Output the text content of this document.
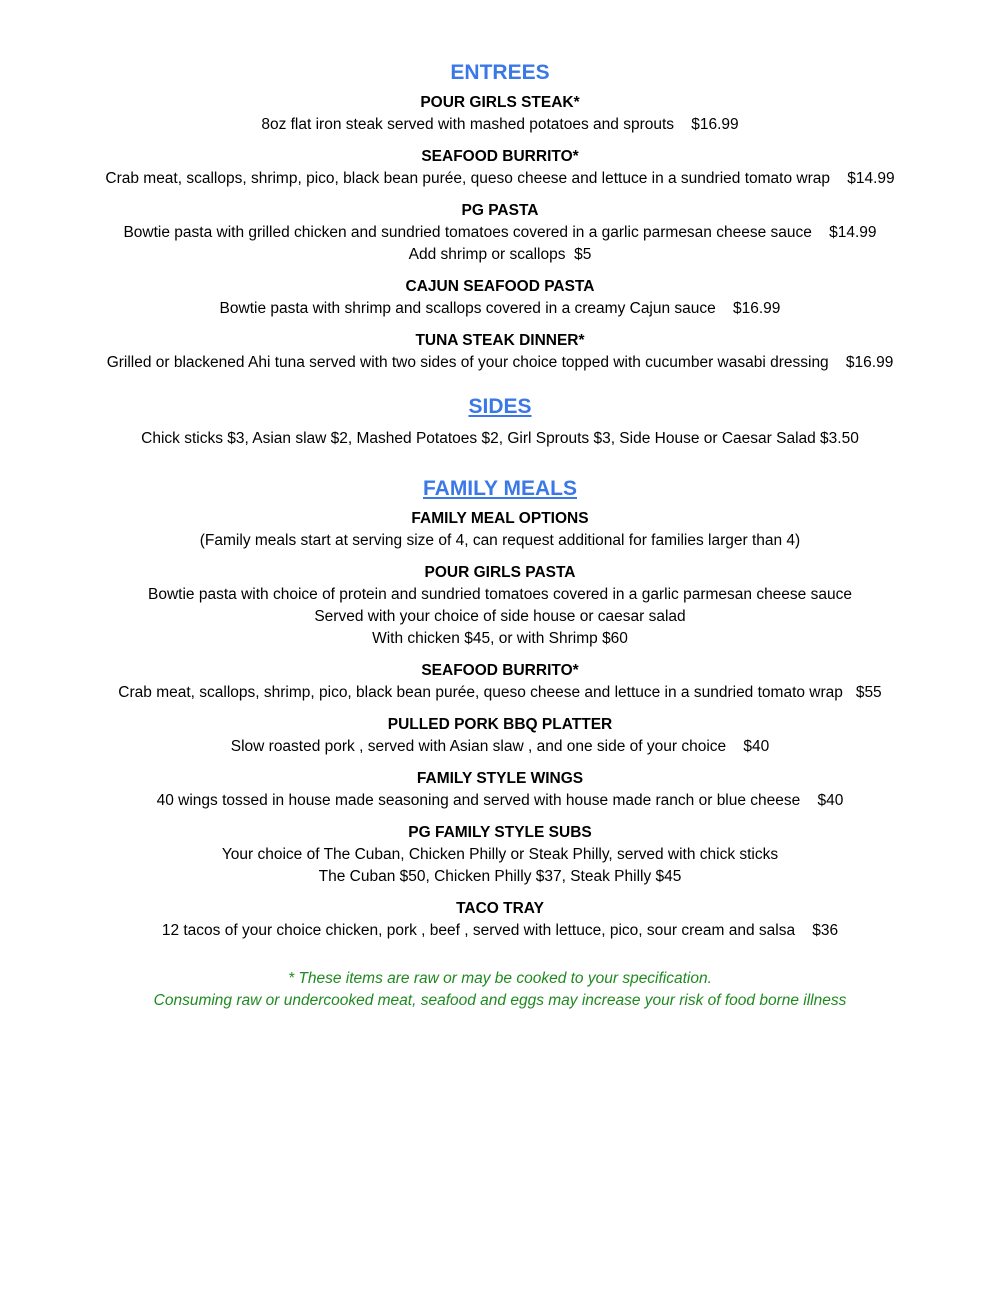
ENTREES
POUR GIRLS STEAK*
8oz flat iron steak served with mashed potatoes and sprouts    $16.99
SEAFOOD BURRITO*
Crab meat, scallops, shrimp, pico, black bean purée, queso cheese and lettuce in a sundried tomato wrap    $14.99
PG PASTA
Bowtie pasta with grilled chicken and sundried tomatoes covered in a garlic parmesan cheese sauce    $14.99
Add shrimp or scallops  $5
CAJUN SEAFOOD PASTA
Bowtie pasta with shrimp and scallops covered in a creamy Cajun sauce    $16.99
TUNA STEAK DINNER*
Grilled or blackened Ahi tuna served with two sides of your choice topped with cucumber wasabi dressing    $16.99
SIDES
Chick sticks $3, Asian slaw $2, Mashed Potatoes $2, Girl Sprouts $3, Side House or Caesar Salad $3.50
FAMILY MEALS
FAMILY MEAL OPTIONS
(Family meals start at serving size of 4, can request additional for families larger than 4)
POUR GIRLS PASTA
Bowtie pasta with choice of protein and sundried tomatoes covered in a garlic parmesan cheese sauce
Served with your choice of side house or caesar salad
With chicken $45, or with Shrimp $60
SEAFOOD BURRITO*
Crab meat, scallops, shrimp, pico, black bean purée, queso cheese and lettuce in a sundried tomato wrap   $55
PULLED PORK BBQ PLATTER
Slow roasted pork , served with Asian slaw , and one side of your choice    $40
FAMILY STYLE WINGS
40 wings tossed in house made seasoning and served with house made ranch or blue cheese    $40
PG FAMILY STYLE SUBS
Your choice of The Cuban, Chicken Philly or Steak Philly, served with chick sticks
The Cuban $50, Chicken Philly $37, Steak Philly $45
TACO TRAY
12 tacos of your choice chicken, pork , beef , served with lettuce, pico, sour cream and salsa    $36
* These items are raw or may be cooked to your specification.
Consuming raw or undercooked meat, seafood and eggs may increase your risk of food borne illness
